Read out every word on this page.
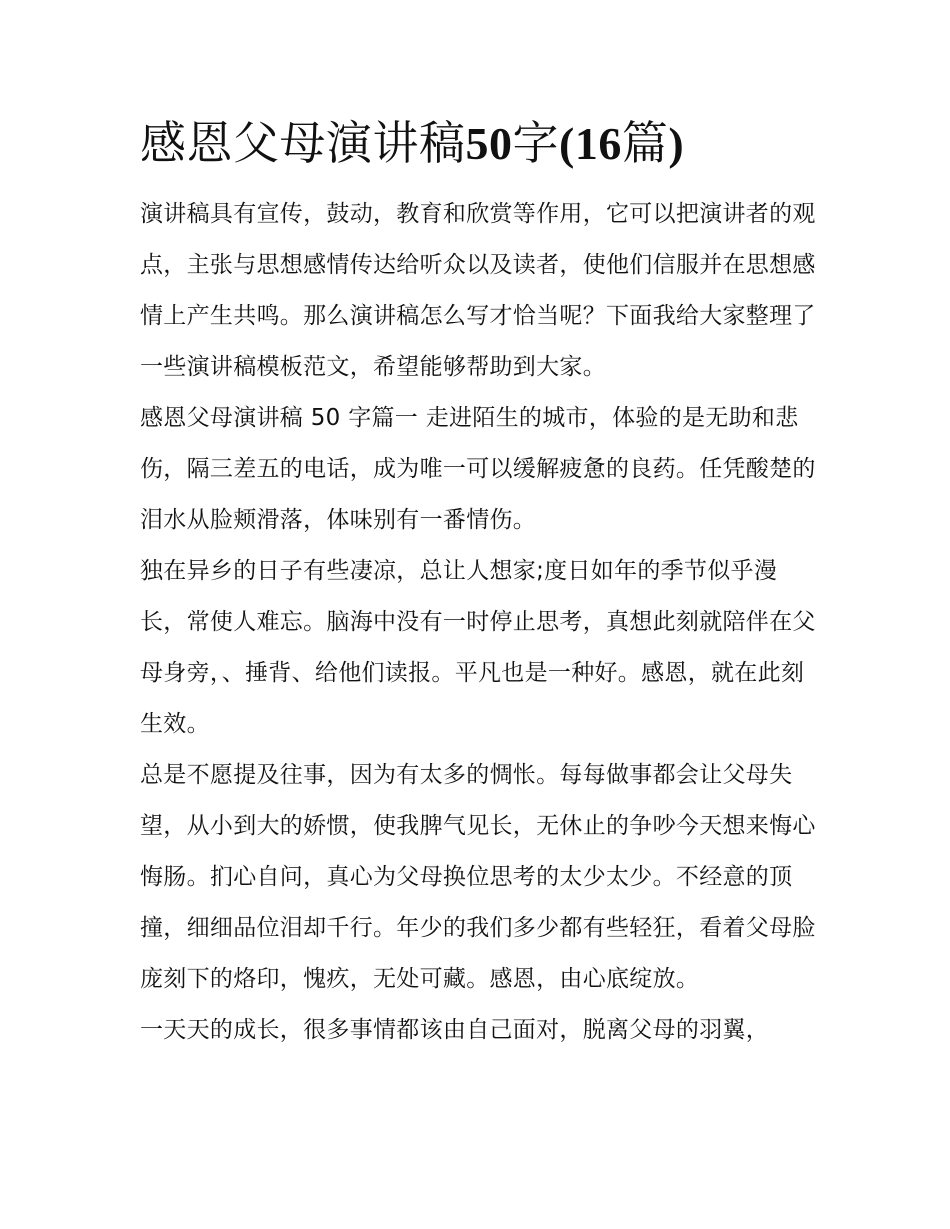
感恩父母演讲稿50字(16篇)

演讲稿具有宣传，鼓动，教育和欣赏等作用，它可以把演讲者的观点，主张与思想感情传达给听众以及读者，使他们信服并在思想感情上产生共鸣。那么演讲稿怎么写才恰当呢？下面我给大家整理了一些演讲稿模板范文，希望能够帮助到大家。

感恩父母演讲稿 50 字篇一 走进陌生的城市，体验的是无助和悲伤，隔三差五的电话，成为唯一可以缓解疲惫的良药。任凭酸楚的泪水从脸颊滑落，体味别有一番情伤。

独在异乡的日子有些凄凉，总让人想家;度日如年的季节似乎漫长，常使人难忘。脑海中没有一时停止思考，真想此刻就陪伴在父母身旁，、捶背、给他们读报。平凡也是一种好。感恩，就在此刻生效。

总是不愿提及往事，因为有太多的惆怅。每每做事都会让父母失望，从小到大的娇惯，使我脾气见长，无休止的争吵今天想来悔心悔肠。扪心自问，真心为父母换位思考的太少太少。不经意的顶撞，细细品位泪却千行。年少的我们多少都有些轻狂，看着父母脸庞刻下的烙印，愧疚，无处可藏。感恩，由心底绽放。

一天天的成长，很多事情都该由自己面对，脱离父母的羽翼，
